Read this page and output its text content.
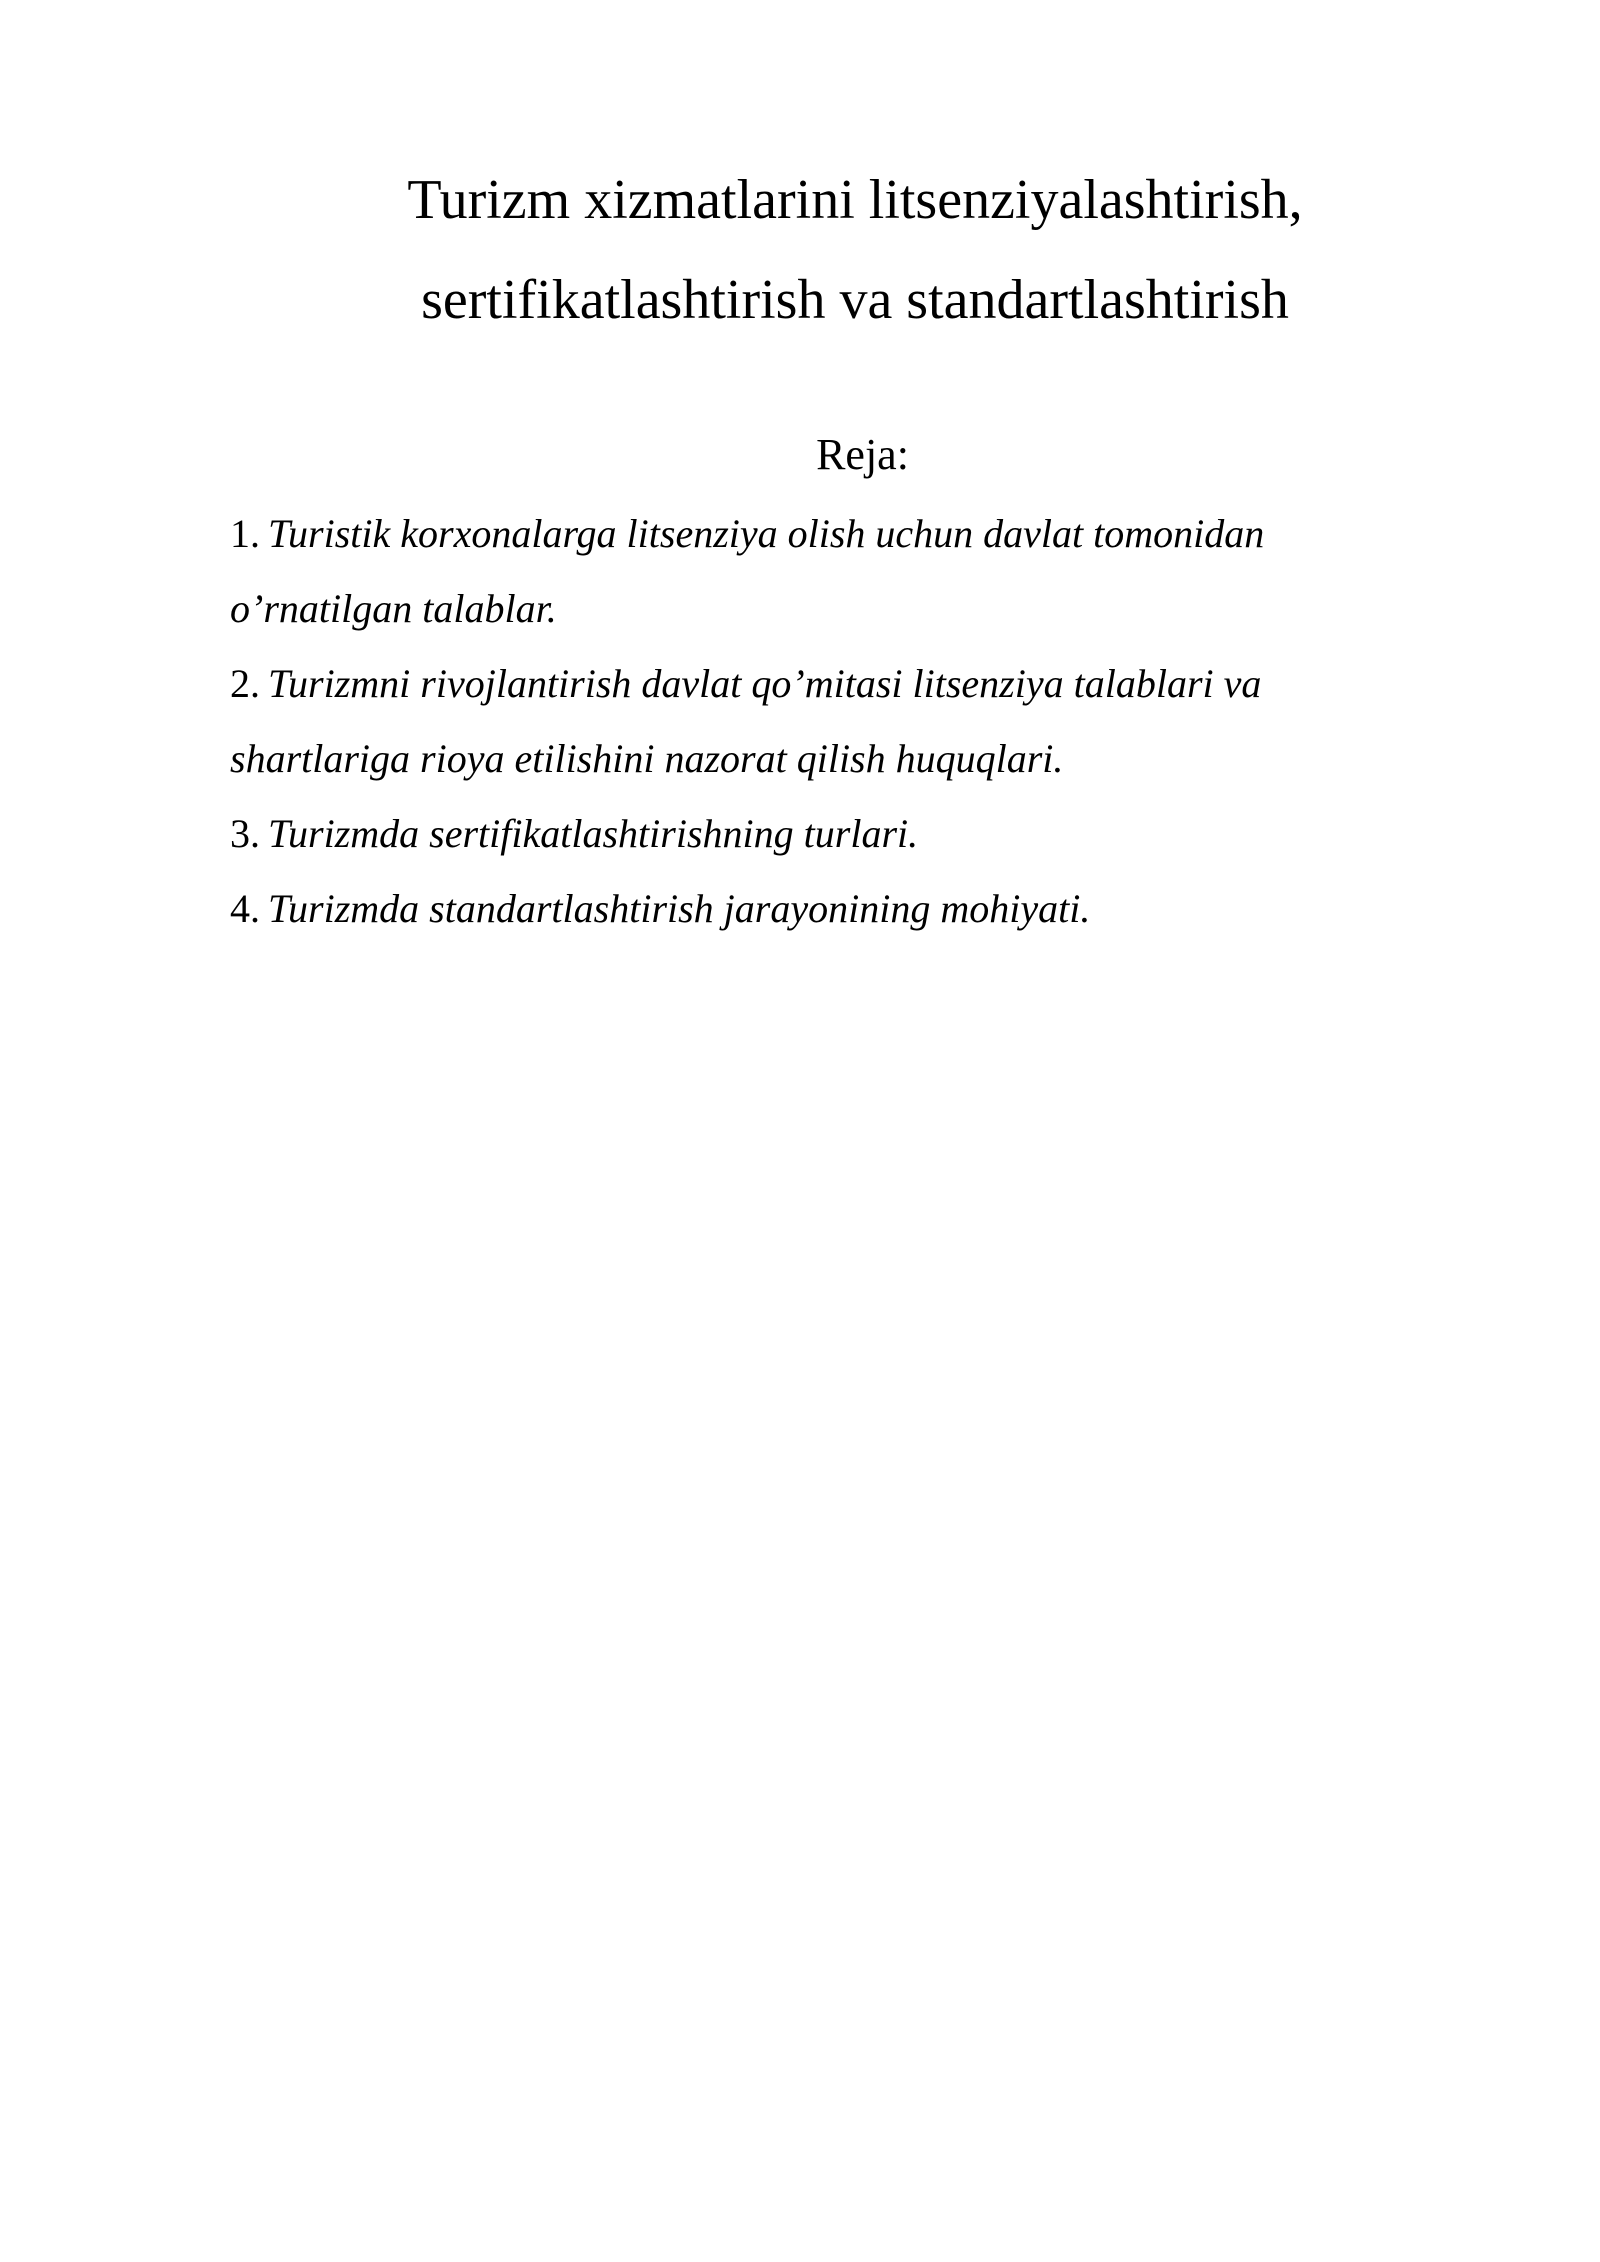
Turizm xizmatlarini litsenziyalashtirish,
sertifikatlashtirish va standartlashtirish
Reja:
1. Turistik korxonalarga litsenziya olish uchun davlat tomonidan o’rnatilgan talablar.
2. Turizmni rivojlantirish davlat qo’mitasi litsenziya talablari va shartlariga rioya etilishini nazorat qilish huquqlari.
3. Turizmda sertifikatlashtirishning turlari.
4. Turizmda standartlashtirish jarayonining mohiyati.
